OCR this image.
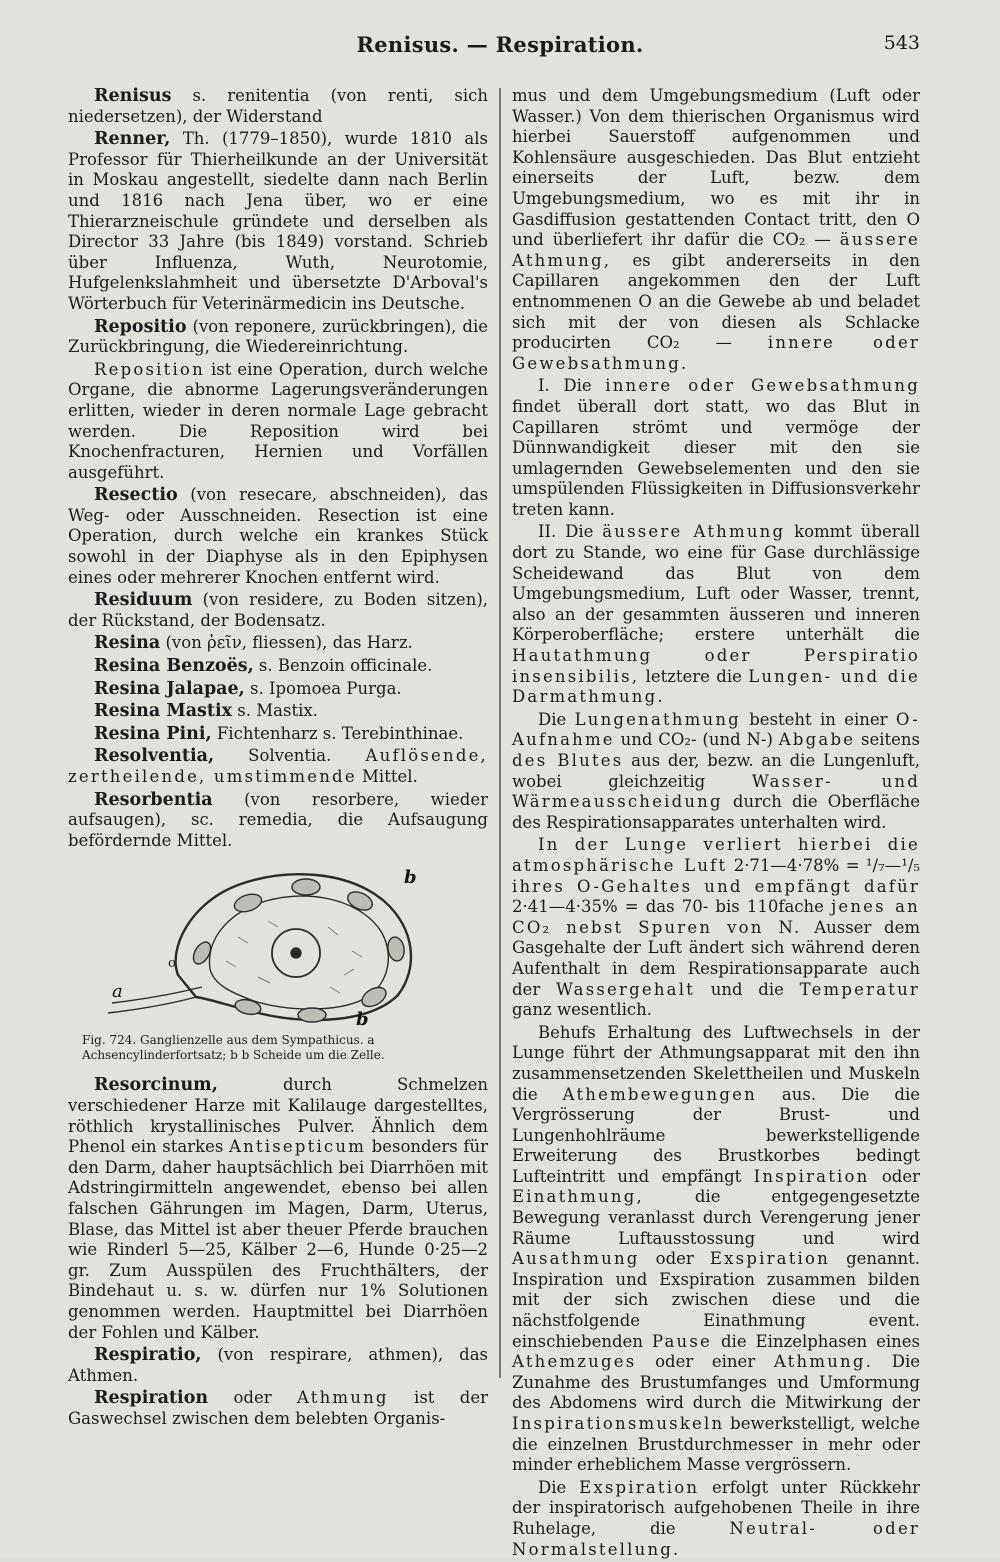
Renisus. — Respiration.	543

Renisus s. renitentia (von renti, sich niedersetzen), der Widerstand

Renner, Th. (1779–1850), wurde 1810 als Professor für Thierheilkunde an der Universität in Moskau angestellt, siedelte dann nach Berlin und 1816 nach Jena über, wo er eine Thierarzneischule gründete und derselben als Director 33 Jahre (bis 1849) vorstand. Schrieb über Influenza, Wuth, Neurotomie, Hufgelenkslahmheit und übersetzte D'Arboval's Wörterbuch für Veterinärmedicin ins Deutsche.

Repositio (von reponere, zurückbringen), die Zurückbringung, die Wiedereinrichtung.

Reposition ist eine Operation, durch welche Organe, die abnorme Lagerungsveränderungen erlitten, wieder in deren normale Lage gebracht werden. Die Reposition wird bei Knochenfracturen, Hernien und Vorfällen ausgeführt.

Resectio (von resecare, abschneiden), das Weg- oder Ausschneiden. Resection ist eine Operation, durch welche ein krankes Stück sowohl in der Diaphyse als in den Epiphysen eines oder mehrerer Knochen entfernt wird.

Residuum (von residere, zu Boden sitzen), der Rückstand, der Bodensatz.

Resina (von ῥεῖν, fliessen), das Harz.

Resina Benzoës, s. Benzoin officinale.

Resina Jalapae, s. Ipomoea Purga.

Resina Mastix s. Mastix.

Resina Pini, Fichtenharz s. Terebinthinae.

Resolventia, Solventia. Auflösende, zertheilende, umstimmende Mittel.

Resorbentia (von resorbere, wieder aufsaugen), sc. remedia, die Aufsaugung befördernde Mittel.

o
a
b
b
Fig. 724. Ganglienzelle aus dem Sympathicus. a Achsencylinderfortsatz; b b Scheide um die Zelle.

Resorcinum, durch Schmelzen verschiedener Harze mit Kalilauge dargestelltes, röthlich krystallinisches Pulver. Ähnlich dem Phenol ein starkes Antisepticum besonders für den Darm, daher hauptsächlich bei Diarrhöen mit Adstringirmitteln angewendet, ebenso bei allen falschen Gährungen im Magen, Darm, Uterus, Blase, das Mittel ist aber theuer Pferde brauchen wie Rinderl 5—25, Kälber 2—6, Hunde 0·25—2 gr. Zum Ausspülen des Fruchthälters, der Bindehaut u. s. w. dürfen nur 1% Solutionen genommen werden. Hauptmittel bei Diarrhöen der Fohlen und Kälber.

Respiratio, (von respirare, athmen), das Athmen.

Respiration oder Athmung ist der Gaswechsel zwischen dem belebten Organis-

mus und dem Umgebungsmedium (Luft oder Wasser.) Von dem thierischen Organismus wird hierbei Sauerstoff aufgenommen und Kohlensäure ausgeschieden. Das Blut entzieht einerseits der Luft, bezw. dem Umgebungsmedium, wo es mit ihr in Gasdiffusion gestattenden Contact tritt, den O und überliefert ihr dafür die CO₂ — äussere Athmung, es gibt andererseits in den Capillaren angekommen den der Luft entnommenen O an die Gewebe ab und beladet sich mit der von diesen als Schlacke producirten CO₂ — innere oder Gewebsathmung.

I. Die innere oder Gewebsathmung findet überall dort statt, wo das Blut in Capillaren strömt und vermöge der Dünnwandigkeit dieser mit den sie umlagernden Gewebselementen und den sie umspülenden Flüssigkeiten in Diffusionsverkehr treten kann.

II. Die äussere Athmung kommt überall dort zu Stande, wo eine für Gase durchlässige Scheidewand das Blut von dem Umgebungsmedium, Luft oder Wasser, trennt, also an der gesammten äusseren und inneren Körperoberfläche; erstere unterhält die Hautathmung oder Perspiratio insensibilis, letztere die Lungen- und die Darmathmung.

Die Lungenathmung besteht in einer O-Aufnahme und CO₂- (und N-) Abgabe seitens des Blutes aus der, bezw. an die Lungenluft, wobei gleichzeitig Wasser- und Wärmeausscheidung durch die Oberfläche des Respirationsapparates unterhalten wird.

In der Lunge verliert hierbei die atmosphärische Luft 2·71—4·78% = ¹/₇—¹/₅ ihres O-Gehaltes und empfängt dafür 2·41—4·35% = das 70- bis 110fache jenes an CO₂ nebst Spuren von N. Ausser dem Gasgehalte der Luft ändert sich während deren Aufenthalt in dem Respirationsapparate auch der Wassergehalt und die Temperatur ganz wesentlich.

Behufs Erhaltung des Luftwechsels in der Lunge führt der Athmungsapparat mit den ihn zusammensetzenden Skelettheilen und Muskeln die Athembewegungen aus. Die die Vergrösserung der Brust- und Lungenhohlräume bewerkstelligende Erweiterung des Brustkorbes bedingt Lufteintritt und empfängt Inspiration oder Einathmung, die entgegengesetzte Bewegung veranlasst durch Verengerung jener Räume Luftausstossung und wird Ausathmung oder Exspiration genannt. Inspiration und Exspiration zusammen bilden mit der sich zwischen diese und die nächstfolgende Einathmung event. einschiebenden Pause die Einzelphasen eines Athemzuges oder einer Athmung. Die Zunahme des Brustumfanges und Umformung des Abdomens wird durch die Mitwirkung der Inspirationsmuskeln bewerkstelligt, welche die einzelnen Brustdurchmesser in mehr oder minder erheblichem Masse vergrössern.

Die Exspiration erfolgt unter Rückkehr der inspiratorisch aufgehobenen Theile in ihre Ruhelage, die Neutral- oder Normalstellung.
